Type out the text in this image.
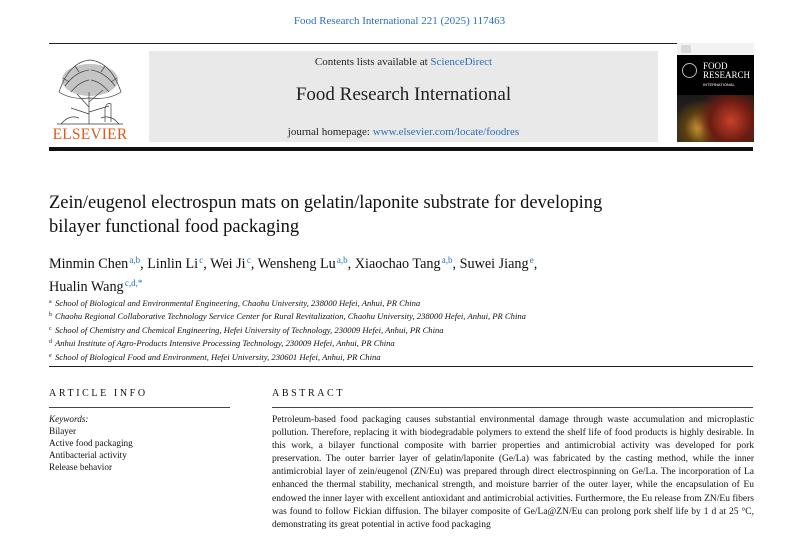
Food Research International 221 (2025) 117463
ELSEVIER
Contents lists available at ScienceDirect
Food Research International
journal homepage: www.elsevier.com/locate/foodres
FOOD
RESEARCH
INTERNATIONAL
Zein/eugenol electrospun mats on gelatin/laponite substrate for developing
bilayer functional food packaging
Minmin Chen $^{a,b}$, Linlin Li $^c$, Wei Ji $^c$, Wensheng Lu $^{a,b}$, Xiaochao Tang $^{a,b}$, Suwei Jiang $^e$,
Hualin Wang $^{c,d,*}$
a School of Biological and Environmental Engineering, Chaohu University, 238000 Hefei, Anhui, PR China
b Chaohu Regional Collaborative Technology Service Center for Rural Revitalization, Chaohu University, 238000 Hefei, Anhui, PR China
c School of Chemistry and Chemical Engineering, Hefei University of Technology, 230009 Hefei, Anhui, PR China
d Anhui Institute of Agro-Products Intensive Processing Technology, 230009 Hefei, Anhui, PR China
e School of Biological Food and Environment, Hefei University, 230601 Hefei, Anhui, PR China
ARTICLE INFO	ABSTRACT
Keywords:
Bilayer
Active food packaging
Antibacterial activity
Release behavior

Petroleum-based food packaging causes substantial environmental damage through waste accumulation and microplastic pollution. Therefore, replacing it with biodegradable polymers to extend the shelf life of food products is highly desirable. In this work, a bilayer functional composite with barrier properties and antimicrobial activity was developed for pork preservation. The outer barrier layer of gelatin/laponite (Ge/La) was fabricated by the casting method, while the inner antimicrobial layer of zein/eugenol (ZN/Eu) was prepared through direct electrospinning on Ge/La. The incorporation of La enhanced the thermal stability, mechanical strength, and moisture barrier of the outer layer, while the encapsulation of Eu endowed the inner layer with excellent antioxidant and antimicrobial activities. Furthermore, the Eu release from ZN/Eu fibers was found to follow Fickian diffusion. The bilayer composite of Ge/La@ZN/Eu can prolong pork shelf life by 1 d at 25 °C, demonstrating its great potential in active food packaging
